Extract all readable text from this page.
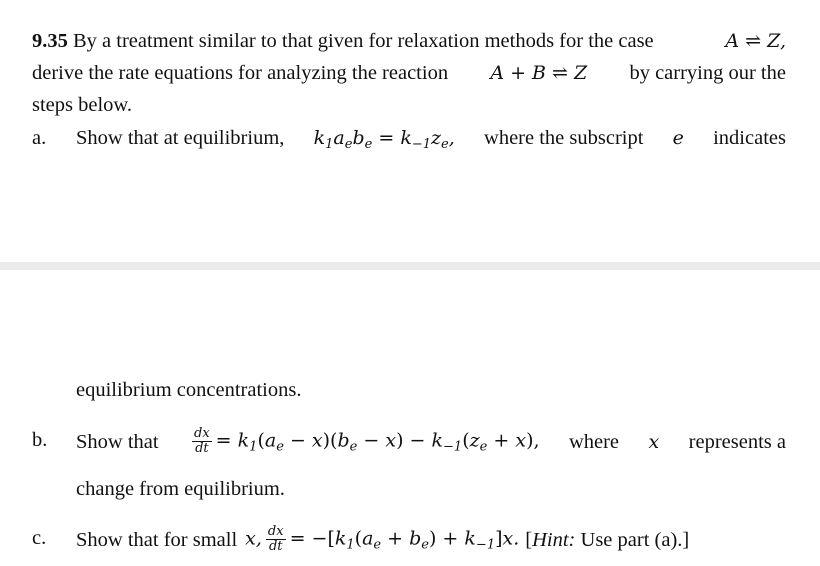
9.35 By a treatment similar to that given for relaxation methods for the case	A ⇌ Z,
derive the rate equations for analyzing the reaction A + B ⇌ Z by carrying our the
steps below.
a. Show that at equilibrium, $k_1a_eb_e = k_{-1}z_e$, where the subscript e indicates
equilibrium concentrations.
b. Show that	$\frac{dx}{dt} = k_1(a_e - x)(b_e - x) - k_{-1}(z_e + x)$, where x represents a
change from equilibrium.
c. Show that for small x, $\frac{dx}{dt} = -[k_1(a_e + b_e) + k_{-1}]x$. [Hint: Use part (a).]
